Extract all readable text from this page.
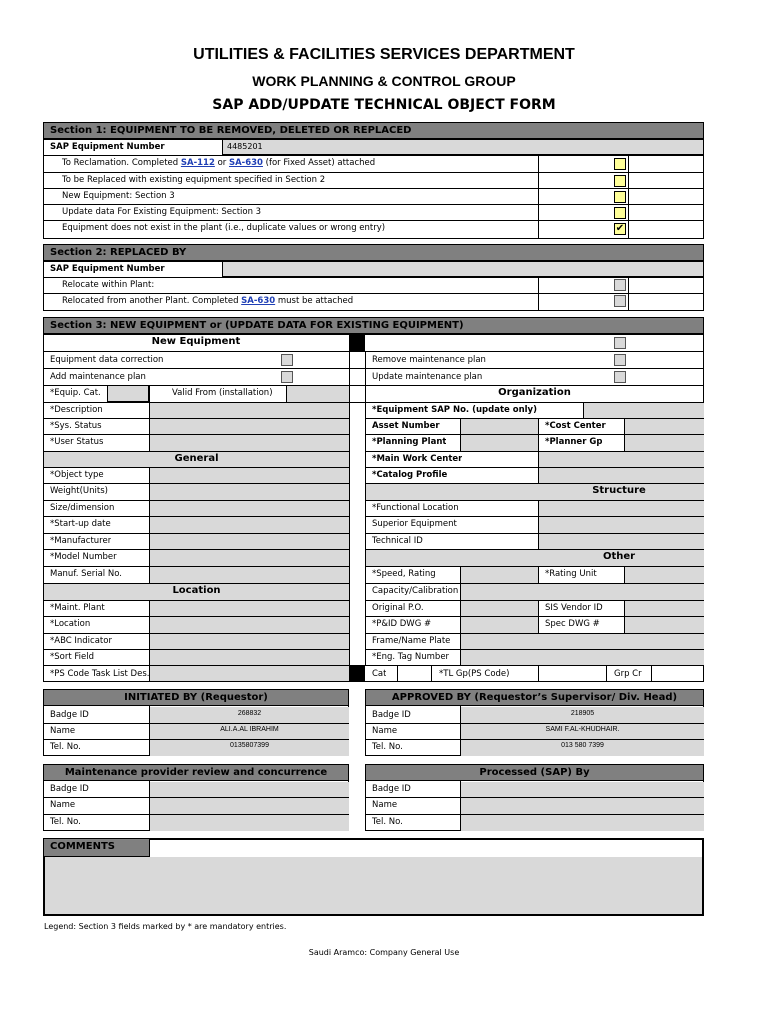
UTILITIES & FACILITIES SERVICES DEPARTMENT
WORK PLANNING & CONTROL GROUP
SAP ADD/UPDATE TECHNICAL OBJECT FORM
Section 1: EQUIPMENT TO BE REMOVED, DELETED OR REPLACED
SAP Equipment Number	4485201
To Reclamation. Completed SA-112 or SA-630 (for Fixed Asset) attached
To be Replaced with existing equipment specified in Section 2
New Equipment: Section 3
Update data For Existing Equipment: Section 3
Equipment does not exist in the plant (i.e., duplicate values or wrong entry)	✔
Section 2: REPLACED BY
SAP Equipment Number
Relocate within Plant:
Relocated from another Plant. Completed SA-630 must be attached
Section 3: NEW EQUIPMENT or (UPDATE DATA FOR EXISTING EQUIPMENT)
New Equipment
Equipment data correction	Remove maintenance plan
Add maintenance plan	Update maintenance plan
*Equip. Cat.	Valid From (installation)	Organization
*Description
*Sys. Status
*User Status
General
*Object type
Weight(Units)
Size/dimension
*Start-up date
*Manufacturer
*Model Number
Manuf. Serial No.
Location
*Maint. Plant
*Location
*ABC Indicator
*Sort Field
*PS Code Task List Des.
*Equipment SAP No. (update only)
Asset Number	*Cost Center
*Planning Plant	*Planner Gp
*Main Work Center
*Catalog Profile
Structure
*Functional Location
Superior Equipment
Technical ID
Other
*Speed, Rating	*Rating Unit
Capacity/Calibration
Original P.O.	SIS Vendor ID
*P&ID DWG #	Spec DWG #
Frame/Name Plate
*Eng. Tag Number
Cat	*TL Gp(PS Code)	Grp Cr
INITIATED BY (Requestor)
Badge ID	268832
Name	ALI.A.AL IBRAHIM
Tel. No.	0135807399
APPROVED BY (Requestor’s Supervisor/ Div. Head)
Badge ID	218905
Name	SAMI F.AL-KHUDHAIR.
Tel. No.	013 580 7399
Maintenance provider review and concurrence
Badge ID
Name
Tel. No.
Processed (SAP) By
Badge ID
Name
Tel. No.
COMMENTS
Legend: Section 3 fields marked by * are mandatory entries.
Saudi Aramco: Company General Use
